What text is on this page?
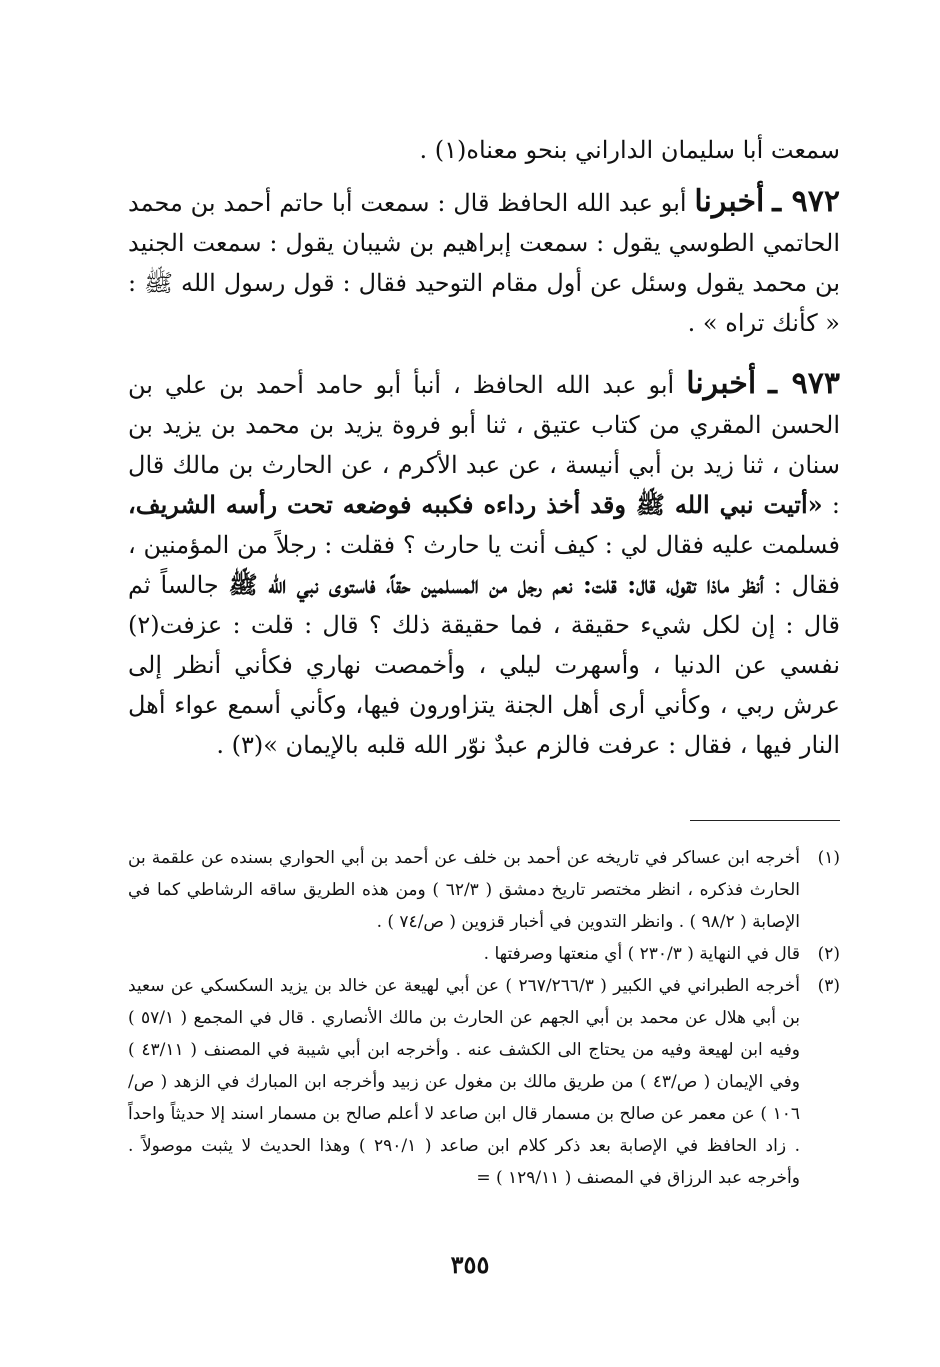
سمعت أبا سليمان الداراني بنحو معناه(١) .

٩٧٢ ـ أخبرنا أبو عبد الله الحافظ قال : سمعت أبا حاتم أحمد بن محمد الحاتمي الطوسي يقول : سمعت إبراهيم بن شيبان يقول : سمعت الجنيد بن محمد يقول وسئل عن أول مقام التوحيد فقال : قول رسول الله ﷺ : « كأنك تراه » .

٩٧٣ ـ أخبرنا أبو عبد الله الحافظ ، أنبأ أبو حامد أحمد بن علي بن الحسن المقري من كتاب عتيق ، ثنا أبو فروة يزيد بن محمد بن يزيد بن سنان ، ثنا زيد بن أبي أنيسة ، عن عبد الأكرم ، عن الحارث بن مالك قال : «أتيت نبي الله ﷺ وقد أخذ رداءه فكببه فوضعه تحت رأسه الشريف، فسلمت عليه فقال لي : كيف أنت يا حارث ؟ فقلت : رجلاً من المؤمنين ، فقال : أنظر ماذا تقول، قال: قلت: نعم رجل من المسلمين حقاً، فاستوى نبي الله ﷺ جالساً ثم قال : إن لكل شيء حقيقة ، فما حقيقة ذلك ؟ قال : قلت : عزفت(٢) نفسي عن الدنيا ، وأسهرت ليلي ، وأخمصت نهاري فكأني أنظر إلى عرش ربي ، وكأني أرى أهل الجنة يتزاورون فيها، وكأني أسمع عواء أهل النار فيها ، فقال : عرفت فالزم عبدٌ نوّر الله قلبه بالإيمان »(٣) .

(١)
أخرجه ابن عساكر في تاريخه عن أحمد بن خلف عن أحمد بن أبي الحواري بسنده عن علقمة بن الحارث فذكره ، انظر مختصر تاريخ دمشق ( ٦٢/٣ ) ومن هذه الطريق ساقه الرشاطي كما في الإصابة ( ٩٨/٢ ) . وانظر التدوين في أخبار قزوين ( ص/٧٤ ) .

(٢)
قال في النهاية ( ٢٣٠/٣ ) أي منعتها وصرفتها .

(٣)
أخرجه الطبراني في الكبير ( ٢٦٧/٢٦٦/٣ ) عن أبي لهيعة عن خالد بن يزيد السكسكي عن سعيد بن أبي هلال عن محمد بن أبي الجهم عن الحارث بن مالك الأنصاري . قال في المجمع ( ٥٧/١ ) وفيه ابن لهيعة وفيه من يحتاج الى الكشف عنه . وأخرجه ابن أبي شيبة في المصنف ( ٤٣/١١ ) وفي الإيمان ( ص/٤٣ ) من طريق مالك بن مغول عن زبيد وأخرجه ابن المبارك في الزهد ( ص/١٠٦ ) عن معمر عن صالح بن مسمار قال ابن صاعد لا أعلم صالح بن مسمار اسند إلا حديثاً واحداً . زاد الحافظ في الإصابة بعد ذكر كلام ابن صاعد ( ٢٩٠/١ ) وهذا الحديث لا يثبت موصولاً . وأخرجه عبد الرزاق في المصنف ( ١٢٩/١١ ) =

٣٥٥
